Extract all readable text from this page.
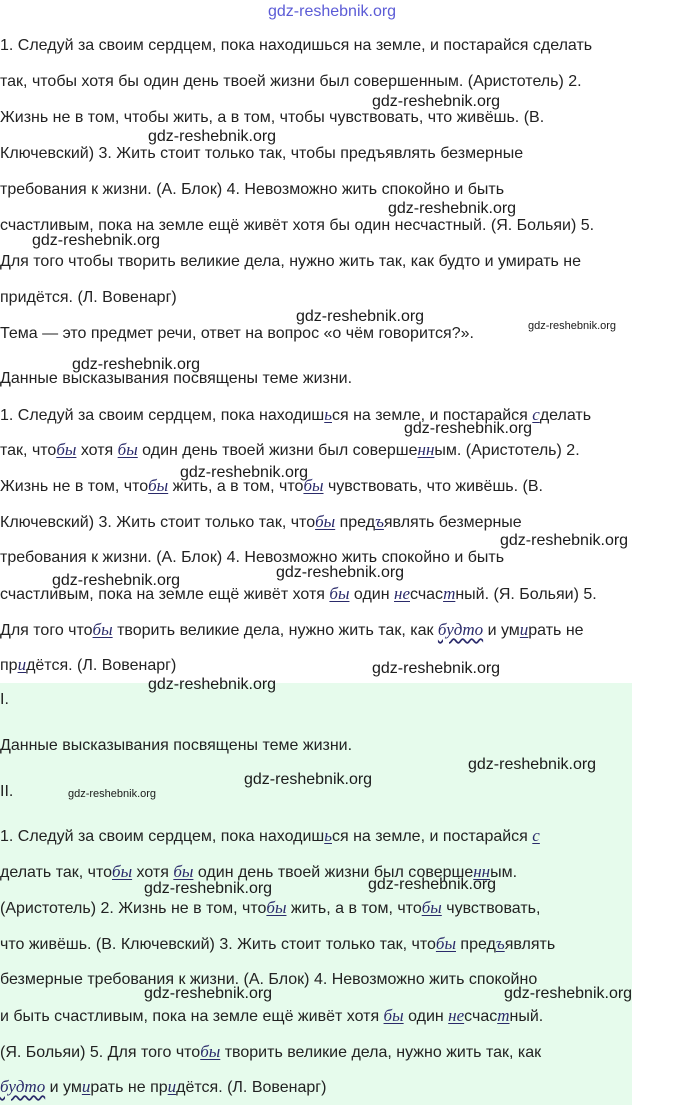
gdz-reshebnik.org
1. Следуй за своим сердцем, пока находишься на земле, и постарайся сделать
так, чтобы хотя бы один день твоей жизни был совершенным. (Аристотель) 2.
Жизнь не в том, чтобы жить, а в том, чтобы чувствовать, что живёшь. (В.
Ключевский) 3. Жить стоит только так, чтобы предъявлять безмерные
требования к жизни. (А. Блок) 4. Невозможно жить спокойно и быть
счастливым, пока на земле ещё живёт хотя бы один несчастный. (Я. Больяи) 5.
Для того чтобы творить великие дела, нужно жить так, как будто и умирать не
придётся. (Л. Вовенарг)
Тема — это предмет речи, ответ на вопрос «о чём говорится?».
Данные высказывания посвящены теме жизни.
1. Следуй за своим сердцем, пока находишься на земле, и постарайся сделать
так, чтобы хотя бы один день твоей жизни был совершенным. (Аристотель) 2.
Жизнь не в том, чтобы жить, а в том, чтобы чувствовать, что живёшь. (В.
Ключевский) 3. Жить стоит только так, чтобы предъявлять безмерные
требования к жизни. (А. Блок) 4. Невозможно жить спокойно и быть
счастливым, пока на земле ещё живёт хотя бы один несчастный. (Я. Больяи) 5.
Для того чтобы творить великие дела, нужно жить так, как будто и умирать не
придётся. (Л. Вовенарг)
I.
Данные высказывания посвящены теме жизни.
II.
1. Следуй за своим сердцем, пока находишься на земле, и постарайся с
делать так, чтобы хотя бы один день твоей жизни был совершенным.
(Аристотель) 2. Жизнь не в том, чтобы жить, а в том, чтобы чувствовать,
что живёшь. (В. Ключевский) 3. Жить стоит только так, чтобы предъявлять
безмерные требования к жизни. (А. Блок) 4. Невозможно жить спокойно
и быть счастливым, пока на земле ещё живёт хотя бы один несчастный.
(Я. Больяи) 5. Для того чтобы творить великие дела, нужно жить так, как
будто и умирать не придётся. (Л. Вовенарг)
gdz-reshebnik.org
gdz-reshebnik.org
gdz-reshebnik.org
gdz-reshebnik.org
gdz-reshebnik.org
gdz-reshebnik.org
gdz-reshebnik.org
gdz-reshebnik.org
gdz-reshebnik.org
gdz-reshebnik.org
gdz-reshebnik.org
gdz-reshebnik.org
gdz-reshebnik.org
gdz-reshebnik.org
gdz-reshebnik.org
gdz-reshebnik.org
gdz-reshebnik.org
gdz-reshebnik.org	gdz-reshebnik.org
gdz-reshebnik.org	gdz-reshebnik.org
